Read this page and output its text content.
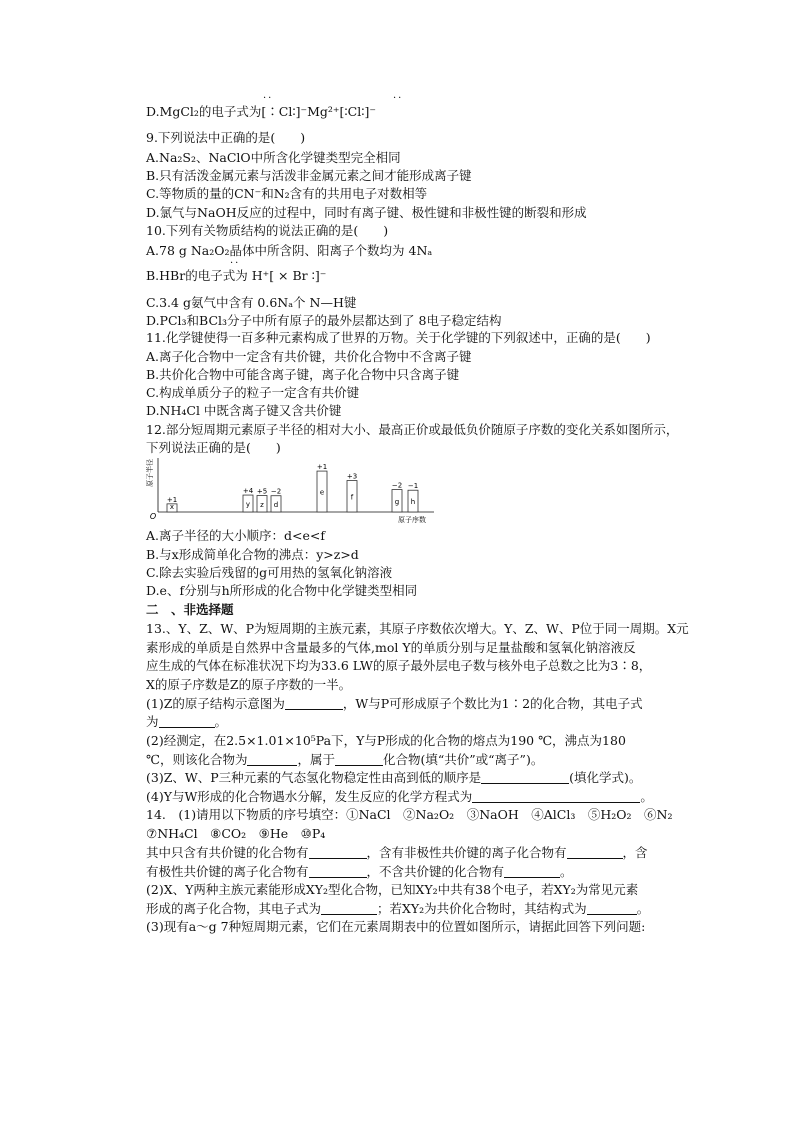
··	··
D.MgCl₂的电子式为[∶Cl∶]⁻Mg²⁺[∶Cl∶]⁻
9.下列说法中正确的是(　　)
A.Na₂S₂、NaClO中所含化学键类型完全相同
B.只有活泼金属元素与活泼非金属元素之间才能形成离子键
C.等物质的量的CN⁻和N₂含有的共用电子对数相等
D.氯气与NaOH反应的过程中，同时有离子键、极性键和非极性键的断裂和形成
10.下列有关物质结构的说法正确的是(　　)
A.78 g Na₂O₂晶体中所含阴、阳离子个数均为 4Nₐ
··
B.HBr的电子式为 H⁺[ × Br ∶]⁻
C.3.4 g氨气中含有 0.6Nₐ个 N—H键
D.PCl₃和BCl₃分子中所有原子的最外层都达到了 8电子稳定结构
11.化学键使得一百多种元素构成了世界的万物。关于化学键的下列叙述中，正确的是(　　)
A.离子化合物中一定含有共价键，共价化合物中不含离子键
B.共价化合物中可能含离子键，离子化合物中只含离子键
C.构成单质分子的粒子一定含有共价键
D.NH₄Cl 中既含离子键又含共价键
12.部分短周期元素原子半径的相对大小、最高正价或最低负价随原子序数的变化关系如图所示，
下列说法正确的是(　　)
原子半径
原子序数
O
x
+1
y
+4
z
+5
d
−2	e
+1
f
+3
g
−2
h
−1
A.离子半径的大小顺序：d<e<f
B.与x形成简单化合物的沸点：y>z>d
C.除去实验后残留的g可用热的氢氧化钠溶液
D.e、f分别与h所形成的化合物中化学键类型相同
二　、非选择题
13.、Y、Z、W、P为短周期的主族元素，其原子序数依次增大。Y、Z、W、P位于同一周期。X元
素形成的单质是自然界中含量最多的气体,mol Y的单质分别与足量盐酸和氢氧化钠溶液反
应生成的气体在标准状况下均为33.6 LW的原子最外层电子数与核外电子总数之比为3∶8，
X的原子序数是Z的原子序数的一半。
(1)Z的原子结构示意图为	，W与P可形成原子个数比为1∶2的化合物，其电子式
为	。
(2)经测定，在2.5×1.01×10⁵Pa下，Y与P形成的化合物的熔点为190 ℃，沸点为180
℃，则该化合物为	，属于	化合物(填“共价”或“离子”)。
(3)Z、W、P三种元素的气态氢化物稳定性由高到低的顺序是	(填化学式)。
(4)Y与W形成的化合物遇水分解，发生反应的化学方程式为	。
14.　(1)请用以下物质的序号填空：①NaCl　②Na₂O₂　③NaOH　④AlCl₃　⑤H₂O₂　⑥N₂
⑦NH₄Cl　⑧CO₂　⑨He　⑩P₄
其中只含有共价键的化合物有	，含有非极性共价键的离子化合物有	，含
有极性共价键的离子化合物有	，不含共价键的化合物有	。
(2)X、Y两种主族元素能形成XY₂型化合物，已知XY₂中共有38个电子，若XY₂为常见元素
形成的离子化合物，其电子式为	；若XY₂为共价化合物时，其结构式为	。
(3)现有a～g 7种短周期元素，它们在元素周期表中的位置如图所示，请据此回答下列问题:
